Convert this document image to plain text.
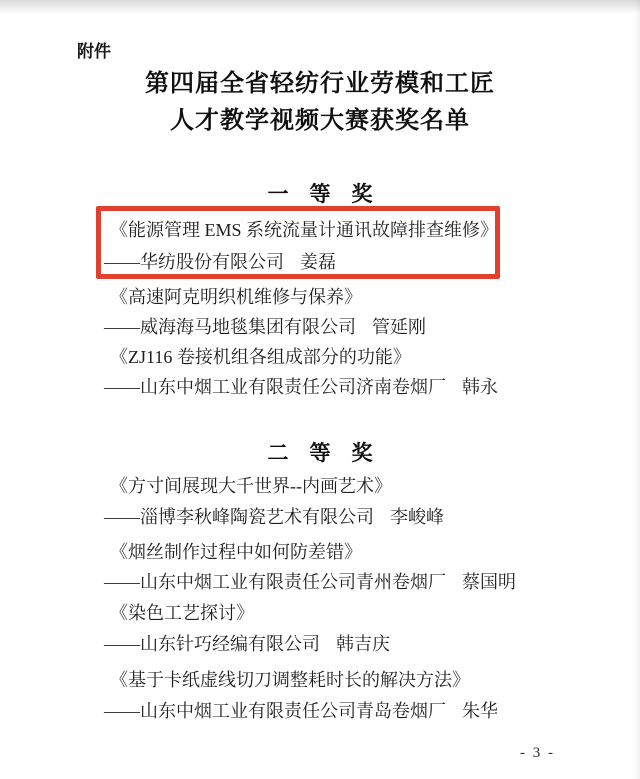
附件
第四届全省轻纺行业劳模和工匠
人才教学视频大赛获奖名单
一　等　奖
《能源管理 EMS 系统流量计通讯故障排查维修》
——华纺股份有限公司 姜磊
《高速阿克明织机维修与保养》
——威海海马地毯集团有限公司 管延刚
《ZJ116 卷接机组各组成部分的功能》
——山东中烟工业有限责任公司济南卷烟厂 韩永
二　等　奖
《方寸间展现大千世界--内画艺术》
——淄博李秋峰陶瓷艺术有限公司 李峻峰
《烟丝制作过程中如何防差错》
——山东中烟工业有限责任公司青州卷烟厂 蔡国明
《染色工艺探讨》
——山东针巧经编有限公司 韩吉庆
《基于卡纸虚线切刀调整耗时长的解决方法》
——山东中烟工业有限责任公司青岛卷烟厂 朱华
- 3 -
